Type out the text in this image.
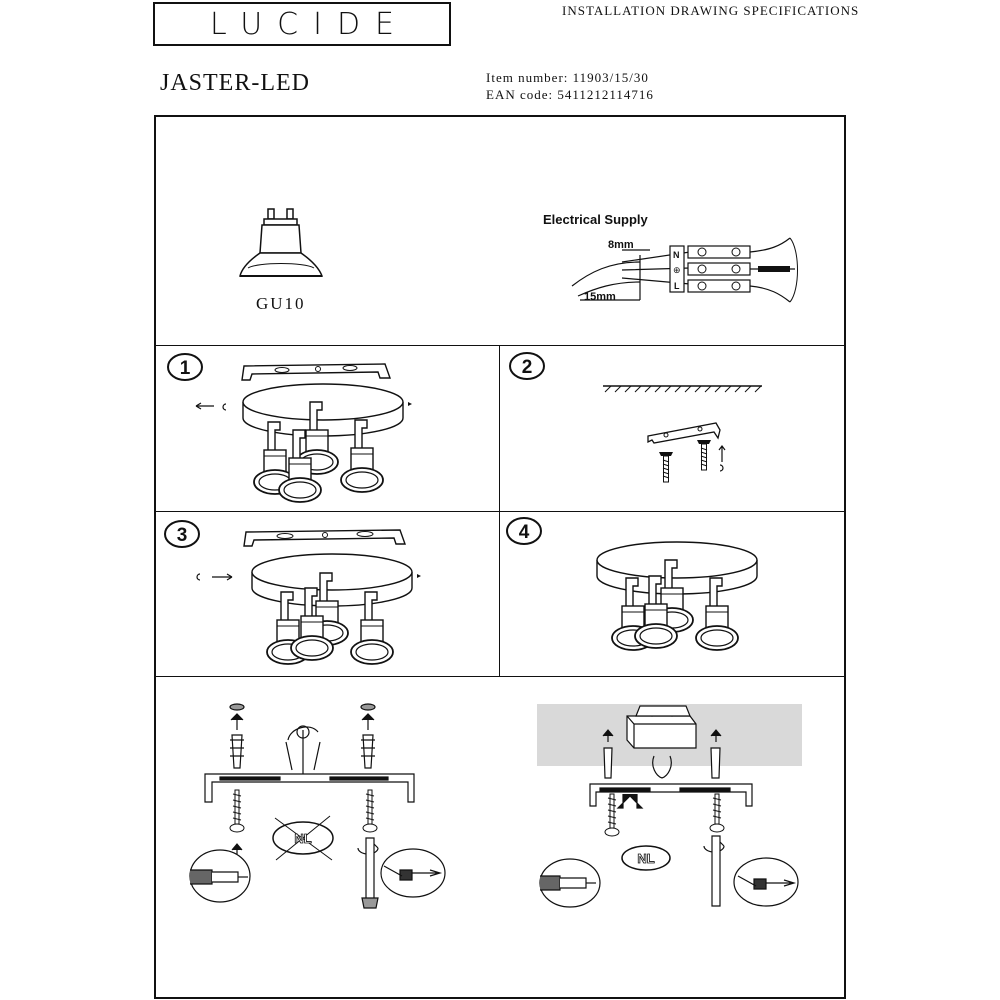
LUCIDE	INSTALLATION DRAWING SPECIFICATIONS
JASTER-LED	Item number: 11903/15/30
EAN code: 5411212114716
GU10
Electrical Supply
8mm
15mm
N
⊕
L
1	2
3	4
NL
NL
